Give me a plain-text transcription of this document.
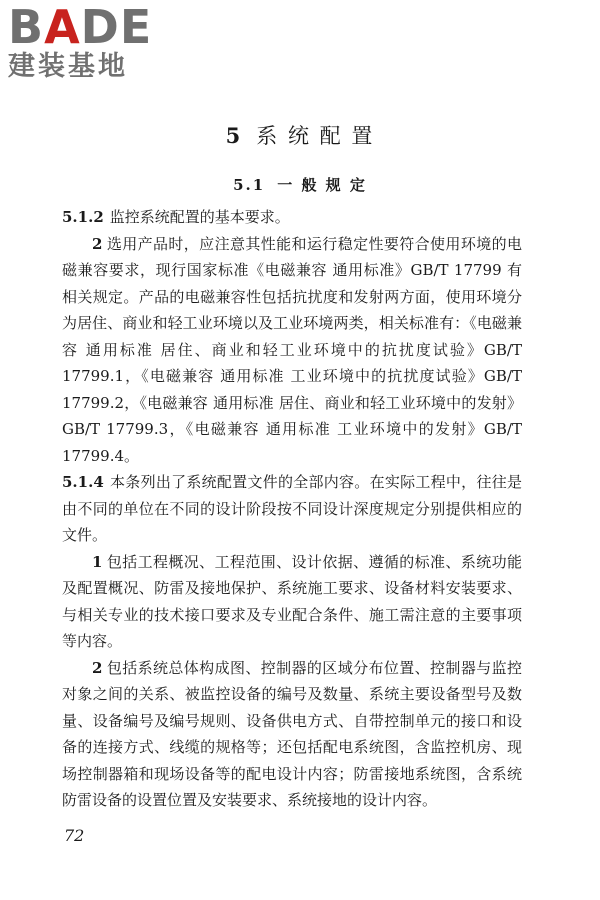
BADE
建装基地
5 系 统 配 置
5.1 一 般 规 定

5.1.2 监控系统配置的基本要求。

2 选用产品时，应注意其性能和运行稳定性要符合使用环境的电磁兼容要求，现行国家标准《电磁兼容 通用标准》GB/T 17799 有相关规定。产品的电磁兼容性包括抗扰度和发射两方面，使用环境分为居住、商业和轻工业环境以及工业环境两类，相关标准有：《电磁兼容 通用标准 居住、商业和轻工业环境中的抗扰度试验》GB/T 17799.1，《电磁兼容 通用标准 工业环境中的抗扰度试验》GB/T 17799.2，《电磁兼容 通用标准 居住、商业和轻工业环境中的发射》GB/T 17799.3，《电磁兼容 通用标准 工业环境中的发射》GB/T 17799.4。

5.1.4 本条列出了系统配置文件的全部内容。在实际工程中，往往是由不同的单位在不同的设计阶段按不同设计深度规定分别提供相应的文件。

1 包括工程概况、工程范围、设计依据、遵循的标准、系统功能及配置概况、防雷及接地保护、系统施工要求、设备材料安装要求、与相关专业的技术接口要求及专业配合条件、施工需注意的主要事项等内容。

2 包括系统总体构成图、控制器的区域分布位置、控制器与监控对象之间的关系、被监控设备的编号及数量、系统主要设备型号及数量、设备编号及编号规则、设备供电方式、自带控制单元的接口和设备的连接方式、线缆的规格等；还包括配电系统图，含监控机房、现场控制器箱和现场设备等的配电设计内容；防雷接地系统图，含系统防雷设备的设置位置及安装要求、系统接地的设计内容。

72
